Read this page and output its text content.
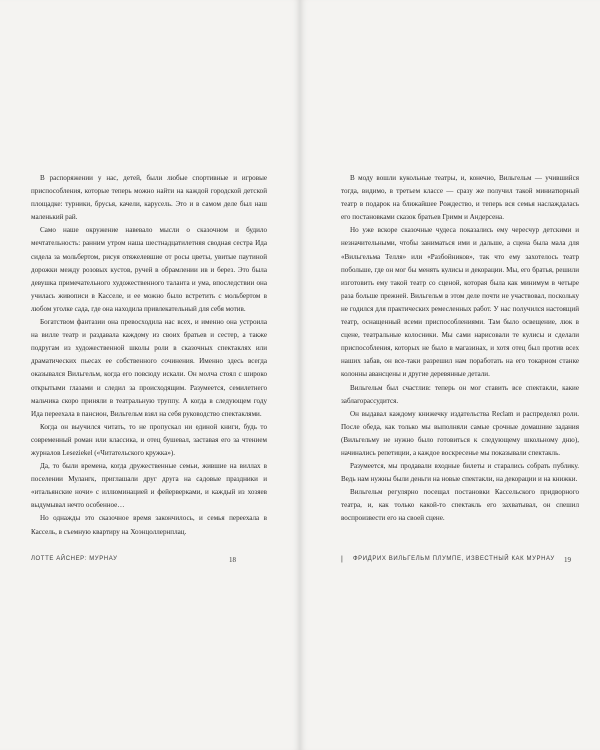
В распоряжении у нас, детей, были любые спортивные и игровые приспособления, которые теперь можно найти на каждой городской детской площадке: турники, брусья, качели, карусель. Это и в самом деле был наш маленький рай.

Само наше окружение навевало мысли о сказочном и будило мечтательность: ранним утром наша шестнадцатилетняя сводная сестра Ида сидела за мольбертом, рисуя отяжелевшие от росы цветы, увитые паутиной дорожки между розовых кустов, ручей в обрамлении ив и берез. Это была девушка примечательного художественного таланта и ума, впоследствии она училась живописи в Касселе, и ее можно было встретить с мольбертом в любом уголке сада, где она находила привлекательный для себя мотив.

Богатством фантазии она превосходила нас всех, и именно она устроила на вилле театр и раздавала каждому из своих братьев и сестер, а также подругам из художественной школы роли в сказочных спектаклях или драматических пьесах ее собственного сочинения. Именно здесь всегда оказывался Вильгельм, когда его повсюду искали. Он молча стоял с широко открытыми глазами и следил за происходящим. Разумеется, семилетнего мальчика скоро приняли в театральную труппу. А когда в следующем году Ида переехала в пансион, Вильгельм взял на себя руководство спектаклями.

Когда он выучился читать, то не пропускал ни единой книги, будь то современный роман или классика, и отец бушевал, заставая его за чтением журналов Leseziekel («Читательского кружка»).

Да, то были времена, когда дружественные семьи, жившие на виллах в поселении Мулангк, приглашали друг друга на садовые праздники и «итальянские ночи» с иллюминацией и фейерверками, и каждый из хозяев выдумывал нечто особенное…

Но однажды это сказочное время закончилось, и семья переехала в Кассель, в съемную квартиру на Хоэнцоллернплац.

ЛОТТЕ АЙСНЕР: МУРНАУ	18

В моду вошли кукольные театры, и, конечно, Вильгельм — учившийся тогда, видимо, в третьем классе — сразу же получил такой миниатюрный театр в подарок на ближайшее Рождество, и теперь вся семья наслаждалась его постановками сказок братьев Гримм и Андерсена.

Но уже вскоре сказочные чудеса показались ему чересчур детскими и незначительными, чтобы заниматься ими и дальше, а сцена была мала для «Вильгельма Телля» или «Разбойников», так что ему захотелось театр побольше, где он мог бы менять кулисы и декорации. Мы, его братья, решили изготовить ему такой театр со сценой, которая была как минимум в четыре раза больше прежней. Вильгельм в этом деле почти не участвовал, поскольку не годился для практических ремесленных работ. У нас получился настоящий театр, оснащенный всеми приспособлениями. Там было освещение, люк в сцене, театральные колосники. Мы сами нарисовали те кулисы и сделали приспособления, которых не было в магазинах, и хотя отец был против всех наших забав, он все-таки разрешил нам поработать на его токарном станке колонны авансцены и другие деревянные детали.

Вильгельм был счастлив: теперь он мог ставить все спектакли, какие заблагорассудится.

Он выдавал каждому книжечку издательства Reclam и распределял роли. После обеда, как только мы выполняли самые срочные домашние задания (Вильгельму не нужно было готовиться к следующему школьному дню), начинались репетиции, а каждое воскресенье мы показывали спектакль.

Разумеется, мы продавали входные билеты и старались собрать публику. Ведь нам нужны были деньги на новые спектакли, на декорации и на книжки.

Вильгельм регулярно посещал постановки Кассельского придворного театра, и, как только какой-то спектакль его захватывал, он спешил воспроизвести его на своей сцене.

| ФРИДРИХ ВИЛЬГЕЛЬМ ПЛУМПЕ, ИЗВЕСТНЫЙ КАК МУРНАУ 19
